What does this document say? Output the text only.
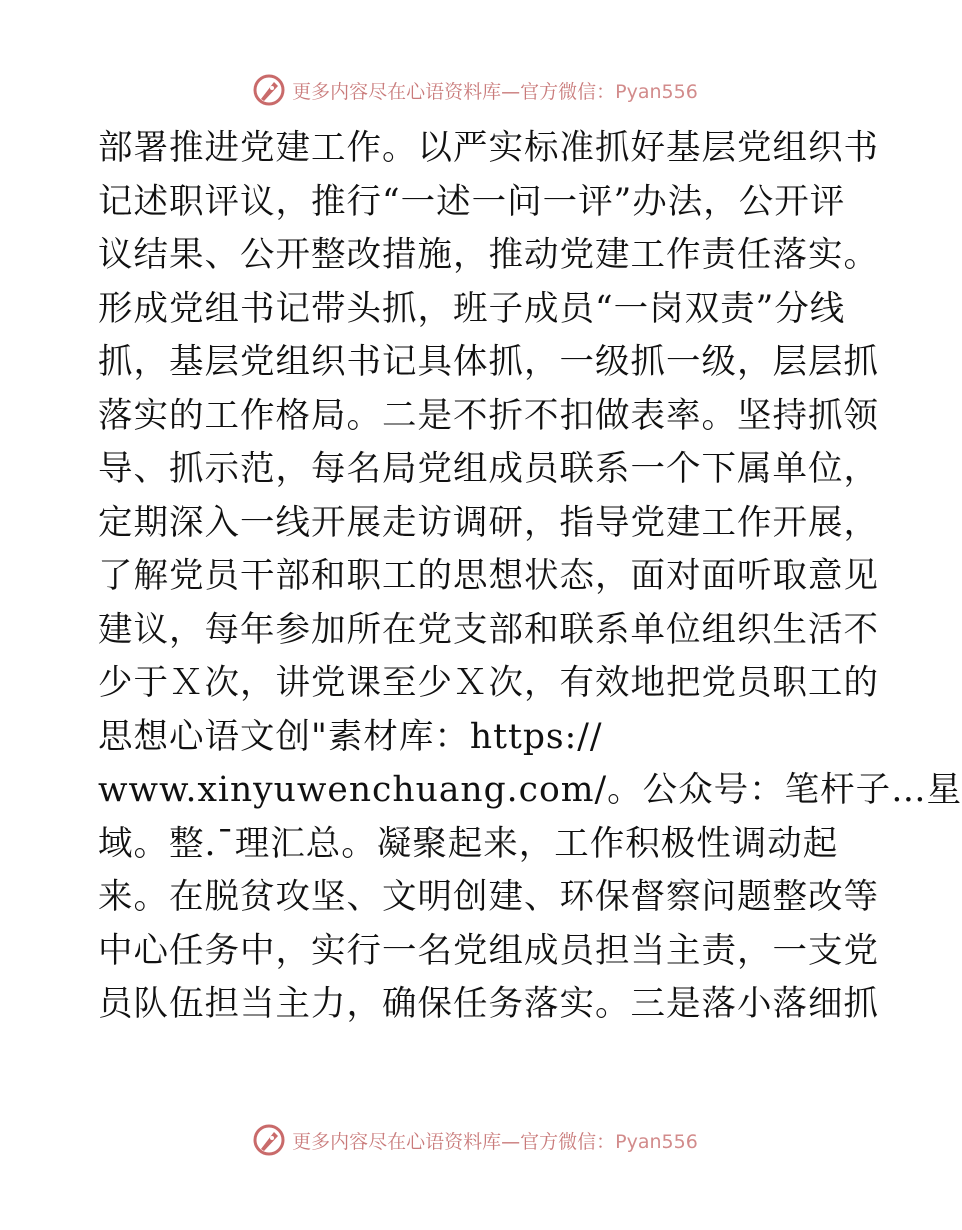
更多内容尽在心语资料库—官方微信：Pyan556
部署推进党建工作。以严实标准抓好基层党组织书
记述职评议，推行“一述一问一评”办法，公开评
议结果、公开整改措施，推动党建工作责任落实。
形成党组书记带头抓，班子成员“一岗双责”分线
抓，基层党组织书记具体抓，一级抓一级，层层抓
落实的工作格局。二是不折不扣做表率。坚持抓领
导、抓示范，每名局党组成员联系一个下属单位，
定期深入一线开展走访调研，指导党建工作开展，
了解党员干部和职工的思想状态，面对面听取意见
建议，每年参加所在党支部和联系单位组织生活不
少于Ｘ次，讲党课至少Ｘ次，有效地把党员职工的
思想心语文创"素材库：https://
www.xinyuwenchuang.com/。公众号：笔杆子…星
域。整.¯理汇总。凝聚起来，工作积极性调动起
来。在脱贫攻坚、文明创建、环保督察问题整改等
中心任务中，实行一名党组成员担当主责，一支党
员队伍担当主力，确保任务落实。三是落小落细抓
更多内容尽在心语资料库—官方微信：Pyan556
